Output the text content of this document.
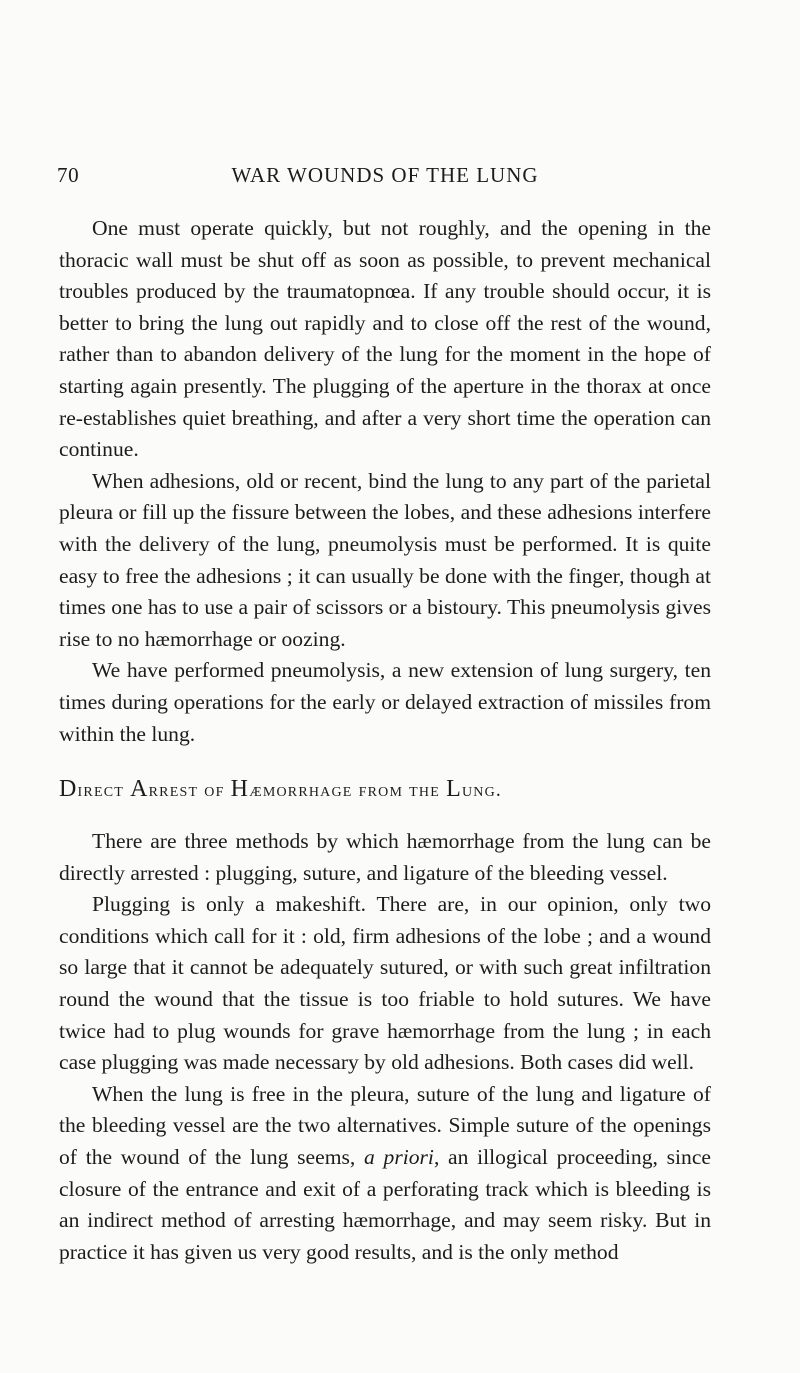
70	WAR WOUNDS OF THE LUNG

One must operate quickly, but not roughly, and the opening in the thoracic wall must be shut off as soon as possible, to prevent mechanical troubles produced by the traumatopnœa. If any trouble should occur, it is better to bring the lung out rapidly and to close off the rest of the wound, rather than to abandon delivery of the lung for the moment in the hope of starting again presently. The plugging of the aperture in the thorax at once re-establishes quiet breathing, and after a very short time the operation can continue.

When adhesions, old or recent, bind the lung to any part of the parietal pleura or fill up the fissure between the lobes, and these adhesions interfere with the delivery of the lung, pneumolysis must be performed. It is quite easy to free the adhesions ; it can usually be done with the finger, though at times one has to use a pair of scissors or a bistoury. This pneumolysis gives rise to no hæmorrhage or oozing.

We have performed pneumolysis, a new extension of lung surgery, ten times during operations for the early or delayed extraction of missiles from within the lung.

Direct Arrest of Hæmorrhage from the Lung.

There are three methods by which hæmorrhage from the lung can be directly arrested : plugging, suture, and ligature of the bleeding vessel.

Plugging is only a makeshift. There are, in our opinion, only two conditions which call for it : old, firm adhesions of the lobe ; and a wound so large that it cannot be adequately sutured, or with such great infiltration round the wound that the tissue is too friable to hold sutures. We have twice had to plug wounds for grave hæmorrhage from the lung ; in each case plugging was made necessary by old adhesions. Both cases did well.

When the lung is free in the pleura, suture of the lung and ligature of the bleeding vessel are the two alternatives. Simple suture of the openings of the wound of the lung seems, a priori, an illogical proceeding, since closure of the entrance and exit of a perforating track which is bleeding is an indirect method of arresting hæmorrhage, and may seem risky. But in practice it has given us very good results, and is the only method
